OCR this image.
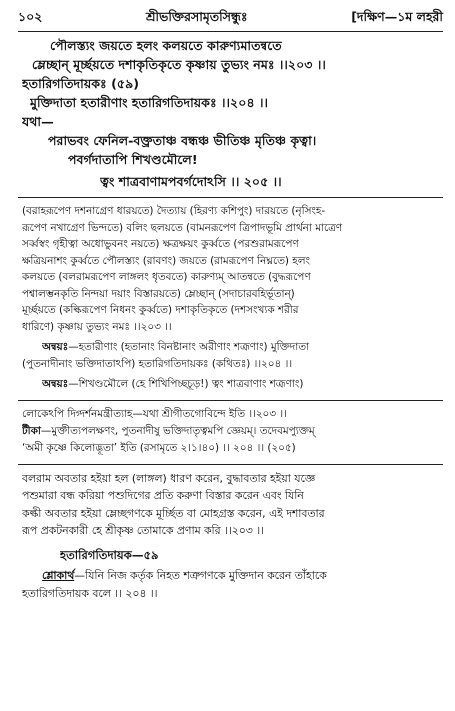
১০২	শ্রীভক্তিরসামৃতসিন্ধুঃ	[দক্ষিণ—১ম লহরী
পৌলস্ত্যং জয়তে হলং কলয়তে কারুণ্যমাতন্বতে
ম্লেচ্ছান্ মূর্চ্ছয়তে দশাকৃতিকৃতে কৃষ্ণায় তুভ্যং নমঃ ।।২০৩ ।।
হতারিগতিদায়কঃ (৫৯)
মুক্তিদাতা হতারীণাং হতারিগতিদায়কঃ ।।২০৪ ।।
যথা—
পরাভবং ফেনিল-বক্ত্রতাঞ্চ বন্ধঞ্চ ভীতিঞ্চ মৃতিঞ্চ কৃত্বা।
পবর্গদাতাপি শিখণ্ডমৌলে!
ত্বং শাত্রবাণামপবর্গদোঽসি ।। ২০৫ ।।
(বরাহরূপেণ দশনাগ্রেণ ধারয়তে) দৈত্যায় (হিরণ্য কশিপুং) দারয়তে (নৃসিংহ-
রূপেণ নখাগ্রেণ ভিন্দতে) বলিং ছলয়তে (বামনরূপেণ ত্রিপাদভূমি প্রার্থনা মাত্রেণ
সর্ব্বস্বং গৃহীত্বা অধোভুবনং নয়তে) ক্ষত্রক্ষয়ং কুর্ব্বতে (পরশুরামরূপেণ
ক্ষত্রিয়নাশং কুর্ব্বতে পৌলস্ত্যং (রাবণং) জয়তে (রামরূপেণ নিঘ্নতে) হলং
কলয়তে (বলরামরূপেণ লাঙ্গলং ধৃতবতে) কারুণ্যম্ আতন্বতে (বুদ্ধরূপেণ
পশ্বালম্ভনকৃতি নিন্দয়া দয়াং বিস্তারয়তে) ম্লেচ্ছান্ (সদাচারবহির্ভূতান্)
মূর্চ্ছয়তে (কল্কিরূপেণ নিধনং কুর্ব্বতে) দশাকৃতিকৃতে (দশসংখ্যক শরীর
ধারিণে) কৃষ্ণায় তুভ্যং নমঃ ।।২০৩ ।।
অন্বয়ঃ—হতারীণাং (হতানাং বিনষ্টানাং অরীণাং শত্রূণাং) মুক্তিদাতা
(পুতনাদীনাং ভক্তিদাতাঽপি) হতারিগতিদায়কঃ (কথিতঃ) ।।২০৪ ।।
অন্বয়ঃ—শিখণ্ডমৌলে (হে শিখিপিচ্ছচূড়!) ত্বং শাত্রবাণাং শত্রূণাং)
লোকেঽপি দিগ্দর্শনমন্ত্রীত্যাহ—যথা শ্রীগীতগোবিন্দে ইতি ।।২০৩ ।।
টীকা—মুক্তীত্যপলক্ষণং, পুতনাদীষু ভক্তিদাতৃত্বমপি জ্ঞেয়ম্। তদেবমপ্যুক্তম্
‘অমী কৃষ্ণে কিলোদ্ভূতা’ ইতি (রসামৃতে ২।১।৪০) ।। ২০৪ ।। (২০৫)
বলরাম অবতার হইয়া হল (লাঙ্গল) ধারণ করেন, বুদ্ধাবতার হইয়া যজ্ঞে
পশুমারা বন্ধ করিয়া পশুদিগের প্রতি করুণা বিস্তার করেন এবং যিনি
কল্কী অবতার হইয়া ম্লেচ্ছগণকে মূর্চ্ছিত বা মোহগ্রস্ত করেন, এই দশাবতার
রূপ প্রকটনকারী হে শ্রীকৃষ্ণ তোমাকে প্রণাম করি ।।২০৩ ।।
হতারিগতিদায়ক—৫৯
শ্লোকার্থ—যিনি নিজ কর্তৃক নিহত শত্রুগণকে মুক্তিদান করেন তাঁহাকে
হতারিগতিদায়ক বলে ।। ২০৪ ।।
